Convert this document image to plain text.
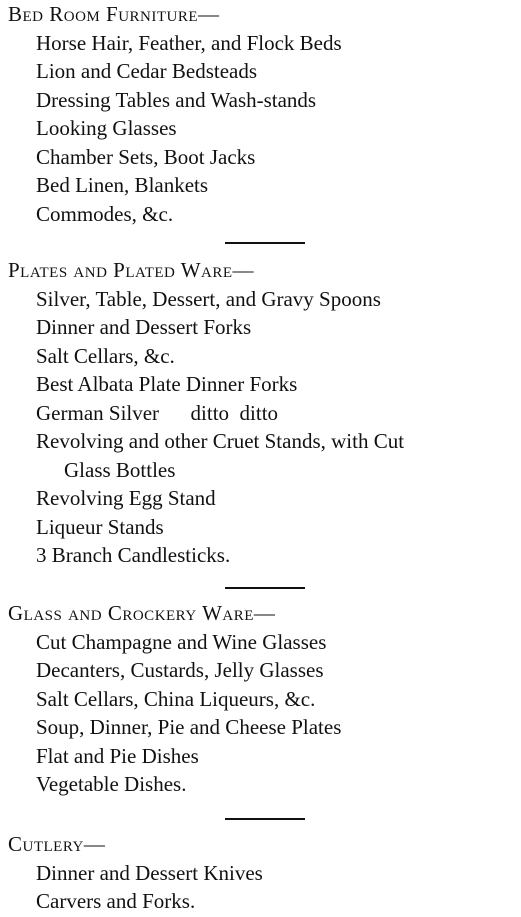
Bed Room Furniture—
Horse Hair, Feather, and Flock Beds
Lion and Cedar Bedsteads
Dressing Tables and Wash-stands
Looking Glasses
Chamber Sets, Boot Jacks
Bed Linen, Blankets
Commodes, &c.
Plates and Plated Ware—
Silver, Table, Dessert, and Gravy Spoons
Dinner and Dessert Forks
Salt Cellars, &c.
Best Albata Plate Dinner Forks
German Silver      ditto  ditto
Revolving and other Cruet Stands, with Cut
Glass Bottles
Revolving Egg Stand
Liqueur Stands
3 Branch Candlesticks.
Glass and Crockery Ware—
Cut Champagne and Wine Glasses
Decanters, Custards, Jelly Glasses
Salt Cellars, China Liqueurs, &c.
Soup, Dinner, Pie and Cheese Plates
Flat and Pie Dishes
Vegetable Dishes.
Cutlery—
Dinner and Dessert Knives
Carvers and Forks.
